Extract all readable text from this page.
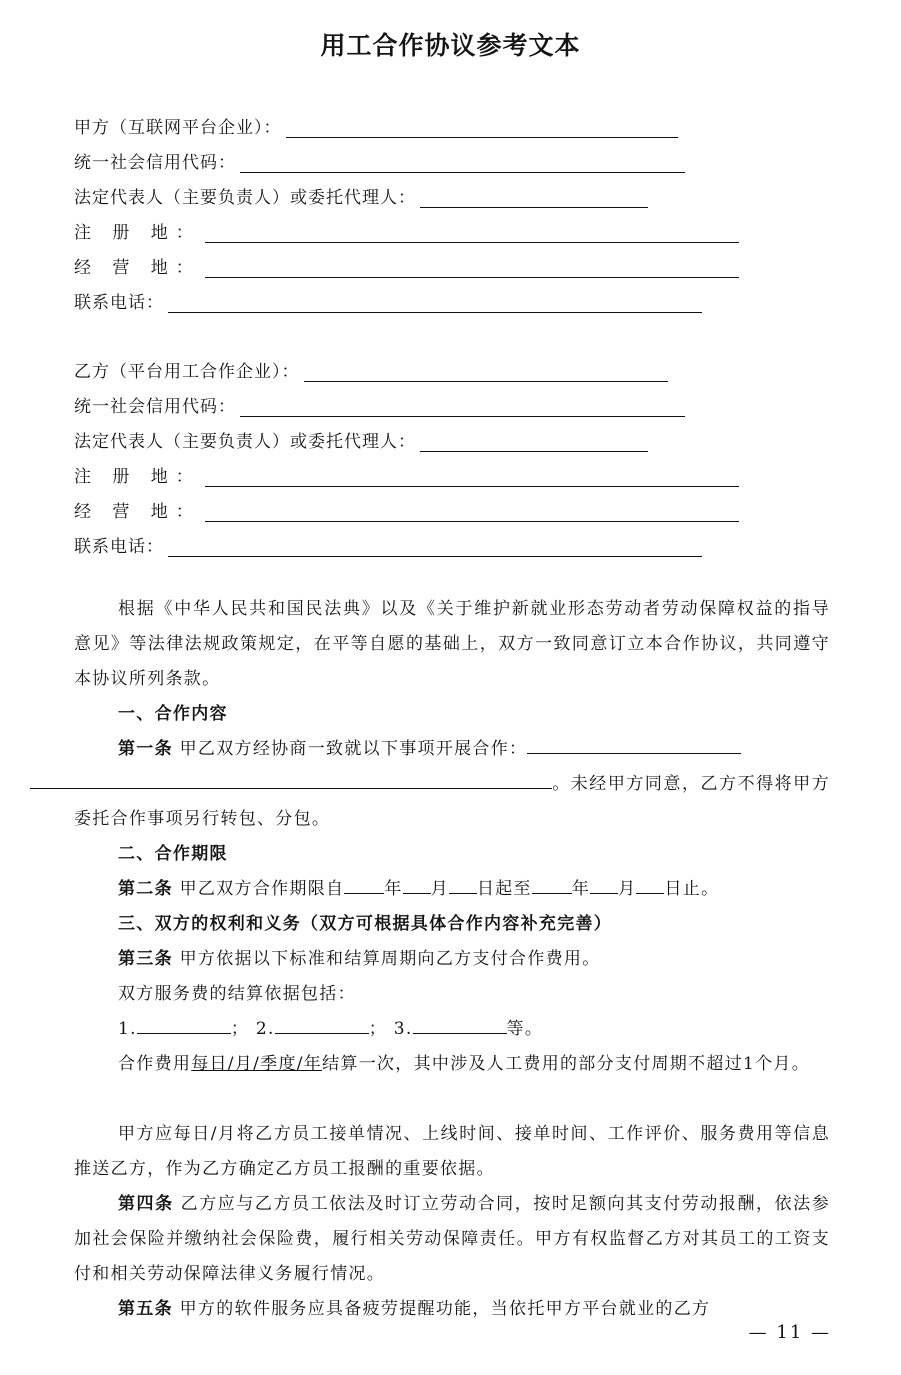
用工合作协议参考文本
甲方（互联网平台企业）：
统一社会信用代码：
法定代表人（主要负责人）或委托代理人：
注 册 地：
经 营 地：
联系电话：
乙方（平台用工合作企业）：
统一社会信用代码：
法定代表人（主要负责人）或委托代理人：
注 册 地：
经 营 地：
联系电话：
根据《中华人民共和国民法典》以及《关于维护新就业形态劳动者劳动保障权益的指导意见》等法律法规政策规定，在平等自愿的基础上，双方一致同意订立本合作协议，共同遵守本协议所列条款。
一、合作内容
第一条 甲乙双方经协商一致就以下事项开展合作：
。未经甲方同意，乙方不得将甲方委托合作事项另行转包、分包。
二、合作期限
第二条 甲乙双方合作期限自 年 月 日起至 年 月 日止。
三、双方的权利和义务（双方可根据具体合作内容补充完善）
第三条 甲方依据以下标准和结算周期向乙方支付合作费用。
双方服务费的结算依据包括：
1.	； 2.	； 3.	等。
合作费用每日/月/季度/年结算一次，其中涉及人工费用的部分支付周期不超过1个月。
甲方应每日/月将乙方员工接单情况、上线时间、接单时间、工作评价、服务费用等信息推送乙方，作为乙方确定乙方员工报酬的重要依据。
第四条 乙方应与乙方员工依法及时订立劳动合同，按时足额向其支付劳动报酬，依法参加社会保险并缴纳社会保险费，履行相关劳动保障责任。甲方有权监督乙方对其员工的工资支付和相关劳动保障法律义务履行情况。
第五条 甲方的软件服务应具备疲劳提醒功能，当依托甲方平台就业的乙方
— 11 —
